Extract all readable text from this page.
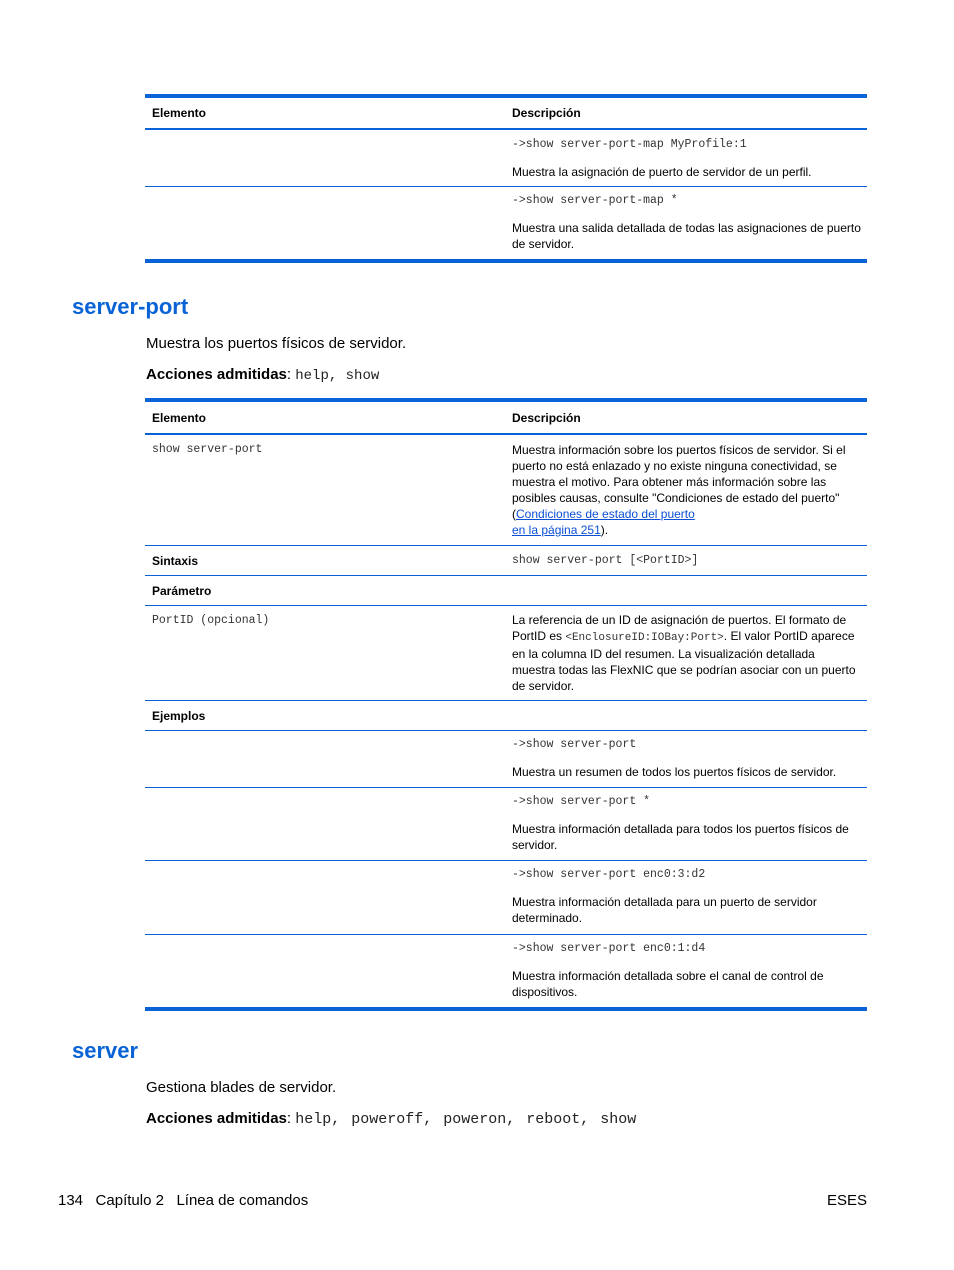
Elemento	Descripción
->show server-port-map MyProfile:1
Muestra la asignación de puerto de servidor de un perfil.
->show server-port-map *
Muestra una salida detallada de todas las asignaciones de puerto de servidor.
server-port

Muestra los puertos físicos de servidor.

Acciones admitidas: help, show

Elemento	Descripción
show server-port	Muestra información sobre los puertos físicos de servidor. Si el puerto no está enlazado y no existe ninguna conectividad, se muestra el motivo. Para obtener más información sobre las posibles causas, consulte "Condiciones de estado del puerto" (Condiciones de estado del puerto
en la página 251).
Sintaxis	show server-port [<PortID>]
Parámetro
PortID (opcional)	La referencia de un ID de asignación de puertos. El formato de PortID es <EnclosureID:IOBay:Port>. El valor PortID aparece en la columna ID del resumen. La visualización detallada muestra todas las FlexNIC que se podrían asociar con un puerto de servidor.
Ejemplos
->show server-port
Muestra un resumen de todos los puertos físicos de servidor.
->show server-port *
Muestra información detallada para todos los puertos físicos de servidor.
->show server-port enc0:3:d2
Muestra información detallada para un puerto de servidor determinado.
->show server-port enc0:1:d4
Muestra información detallada sobre el canal de control de dispositivos.
server

Gestiona blades de servidor.

Acciones admitidas: help, poweroff, poweron, reboot, show

134 Capítulo 2 Línea de comandos	ESES
